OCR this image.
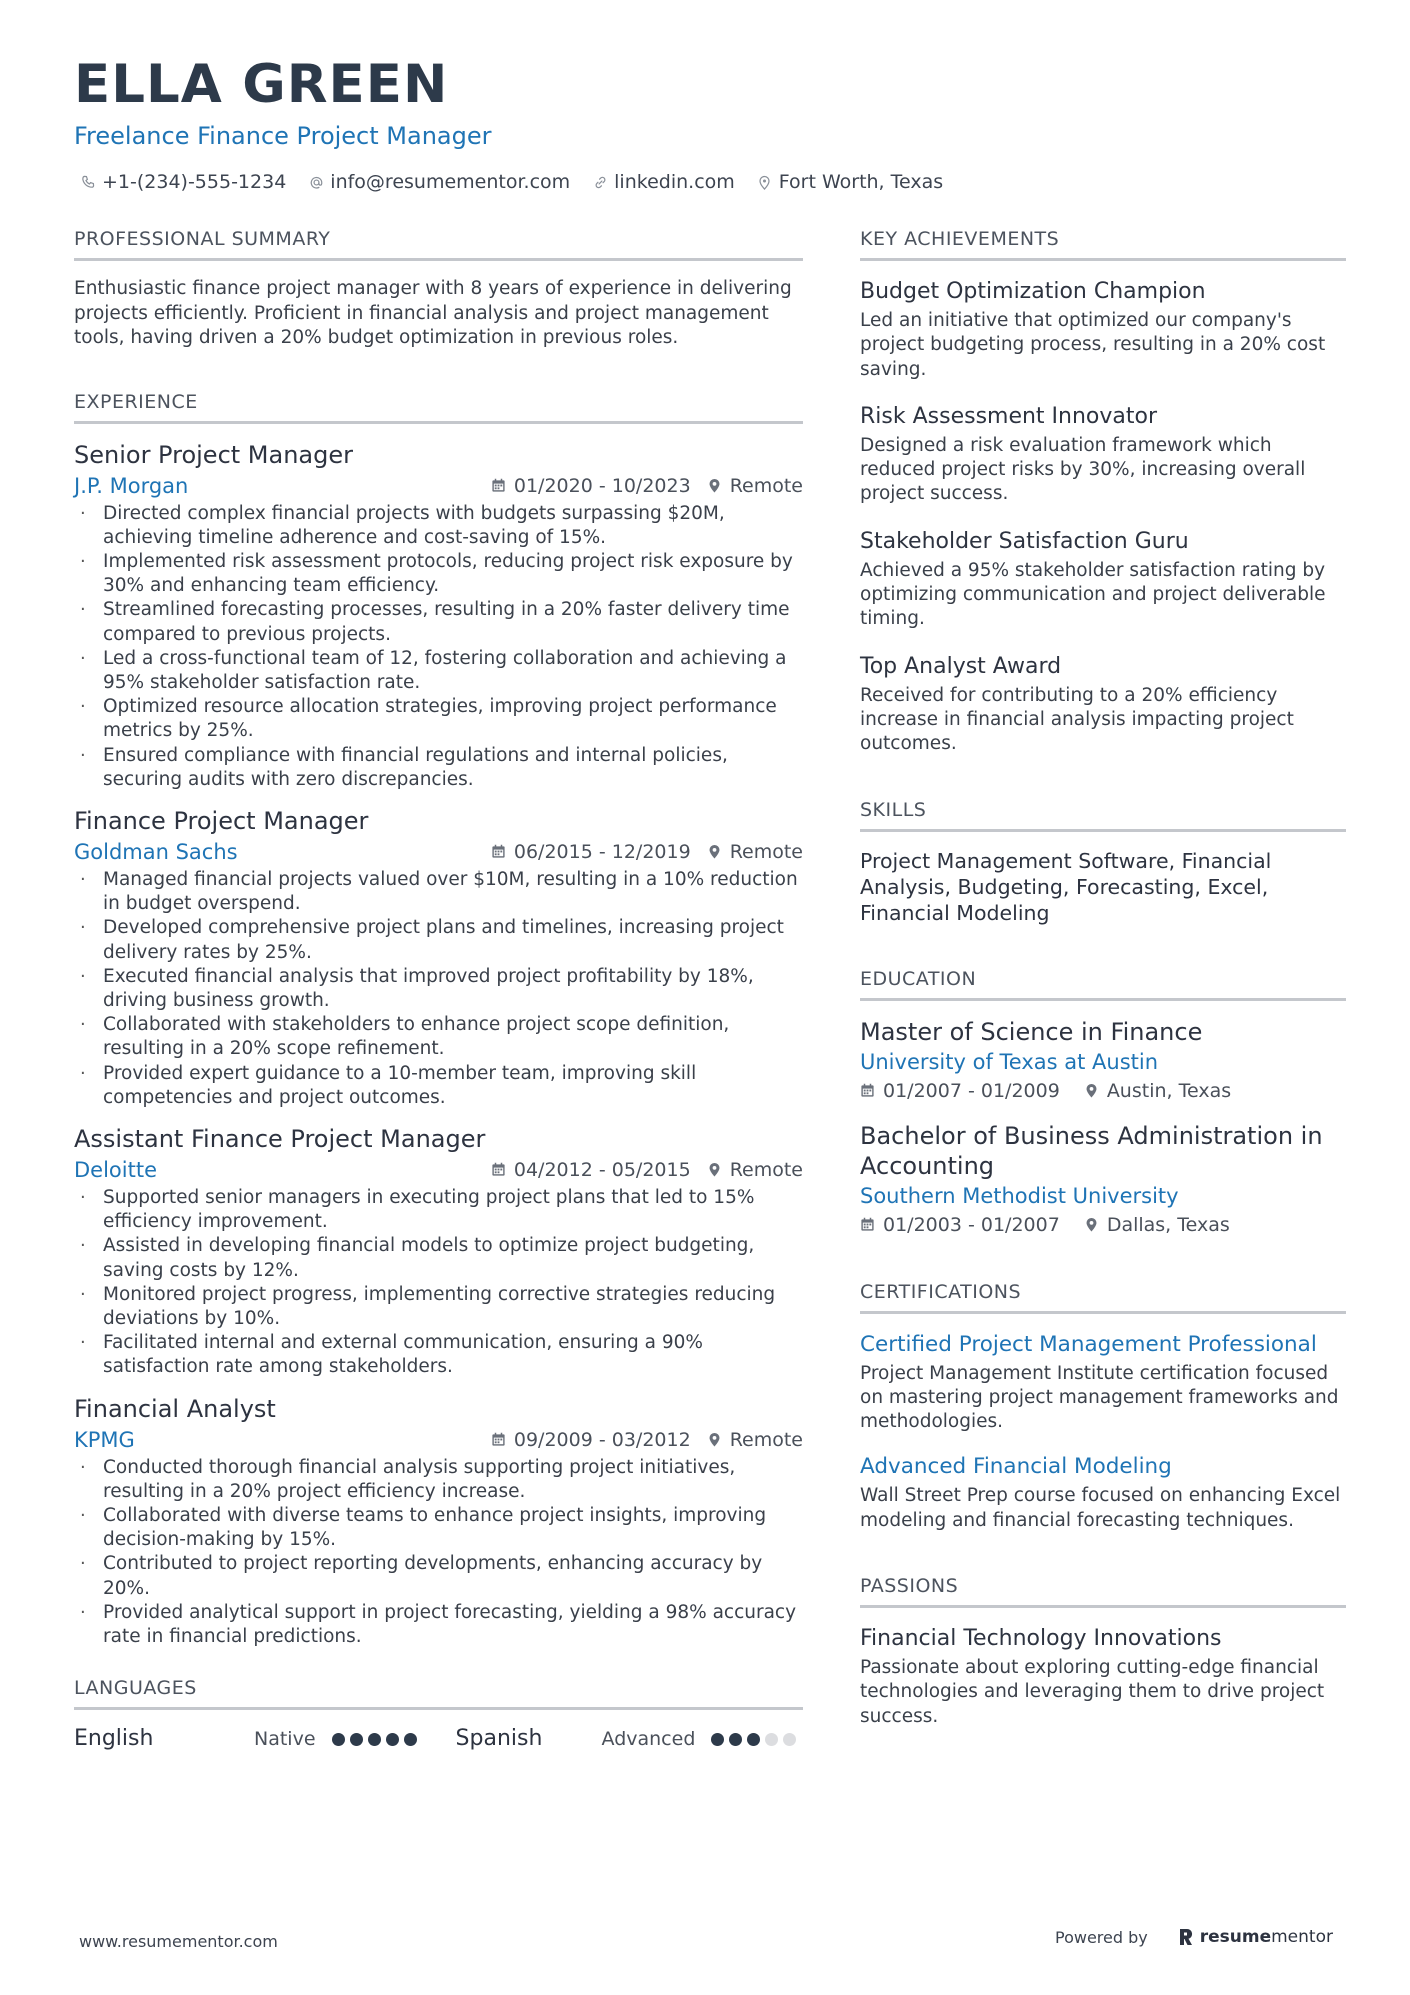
ELLA GREEN
Freelance Finance Project Manager
+1-(234)-555-1234 info@resumementor.com linkedin.com Fort Worth, Texas
PROFESSIONAL SUMMARY

Enthusiastic finance project manager with 8 years of experience in delivering projects efficiently. Proficient in financial analysis and project management tools, having driven a 20% budget optimization in previous roles.

EXPERIENCE
Senior Project Manager
J.P. Morgan	01/2020 - 10/2023 Remote
· Directed complex financial projects with budgets surpassing $20M, achieving timeline adherence and cost-saving of 15%.
· Implemented risk assessment protocols, reducing project risk exposure by 30% and enhancing team efficiency.
· Streamlined forecasting processes, resulting in a 20% faster delivery time compared to previous projects.
· Led a cross-functional team of 12, fostering collaboration and achieving a 95% stakeholder satisfaction rate.
· Optimized resource allocation strategies, improving project performance metrics by 25%.
· Ensured compliance with financial regulations and internal policies, securing audits with zero discrepancies.
Finance Project Manager
Goldman Sachs	06/2015 - 12/2019 Remote
· Managed financial projects valued over $10M, resulting in a 10% reduction in budget overspend.
· Developed comprehensive project plans and timelines, increasing project delivery rates by 25%.
· Executed financial analysis that improved project profitability by 18%, driving business growth.
· Collaborated with stakeholders to enhance project scope definition, resulting in a 20% scope refinement.
· Provided expert guidance to a 10-member team, improving skill competencies and project outcomes.
Assistant Finance Project Manager
Deloitte	04/2012 - 05/2015 Remote
· Supported senior managers in executing project plans that led to 15% efficiency improvement.
· Assisted in developing financial models to optimize project budgeting, saving costs by 12%.
· Monitored project progress, implementing corrective strategies reducing deviations by 10%.
· Facilitated internal and external communication, ensuring a 90% satisfaction rate among stakeholders.
Financial Analyst
KPMG	09/2009 - 03/2012 Remote
· Conducted thorough financial analysis supporting project initiatives, resulting in a 20% project efficiency increase.
· Collaborated with diverse teams to enhance project insights, improving decision-making by 15%.
· Contributed to project reporting developments, enhancing accuracy by 20%.
· Provided analytical support in project forecasting, yielding a 98% accuracy rate in financial predictions.
LANGUAGES
English	Native	Spanish	Advanced
KEY ACHIEVEMENTS
Budget Optimization Champion
Led an initiative that optimized our company's project budgeting process, resulting in a 20% cost saving.
Risk Assessment Innovator
Designed a risk evaluation framework which reduced project risks by 30%, increasing overall project success.
Stakeholder Satisfaction Guru
Achieved a 95% stakeholder satisfaction rating by optimizing communication and project deliverable timing.
Top Analyst Award
Received for contributing to a 20% efficiency increase in financial analysis impacting project outcomes.
SKILLS
Project Management Software, Financial Analysis, Budgeting, Forecasting, Excel, Financial Modeling
EDUCATION
Master of Science in Finance
University of Texas at Austin
01/2007 - 01/2009 Austin, Texas
Bachelor of Business Administration in Accounting
Southern Methodist University
01/2003 - 01/2007 Dallas, Texas
CERTIFICATIONS
Certified Project Management Professional
Project Management Institute certification focused on mastering project management frameworks and methodologies.
Advanced Financial Modeling
Wall Street Prep course focused on enhancing Excel modeling and financial forecasting techniques.
PASSIONS
Financial Technology Innovations
Passionate about exploring cutting-edge financial technologies and leveraging them to drive project success.
www.resumementor.com	Powered by	resume mentor
